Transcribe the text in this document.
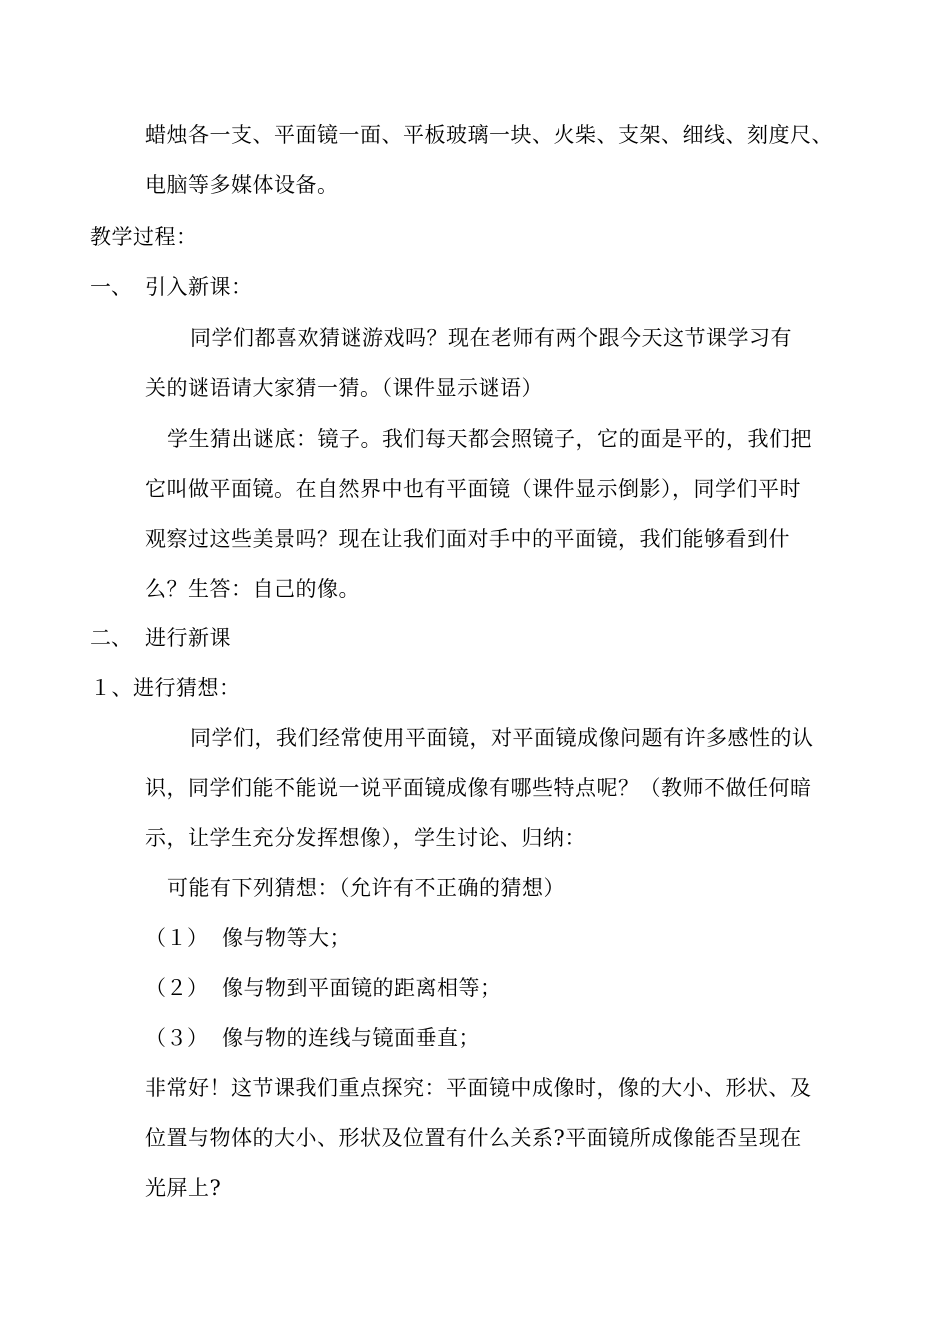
蜡烛各一支、平面镜一面、平板玻璃一块、火柴、支架、细线、刻度尺、
电脑等多媒体设备。
教学过程：
一、 引入新课：
同学们都喜欢猜谜游戏吗？现在老师有两个跟今天这节课学习有
关的谜语请大家猜一猜。（课件显示谜语）
学生猜出谜底：镜子。我们每天都会照镜子，它的面是平的，我们把
它叫做平面镜。在自然界中也有平面镜（课件显示倒影），同学们平时
观察过这些美景吗？现在让我们面对手中的平面镜，我们能够看到什
么？生答：自己的像。
二、 进行新课
１、进行猜想：
同学们，我们经常使用平面镜，对平面镜成像问题有许多感性的认
识，同学们能不能说一说平面镜成像有哪些特点呢？（教师不做任何暗
示，让学生充分发挥想像），学生讨论、归纳：
可能有下列猜想：（允许有不正确的猜想）
（１） 像与物等大；
（２） 像与物到平面镜的距离相等；
（３） 像与物的连线与镜面垂直；
非常好！这节课我们重点探究：平面镜中成像时，像的大小、形状、及
位置与物体的大小、形状及位置有什么关系?平面镜所成像能否呈现在
光屏上?
